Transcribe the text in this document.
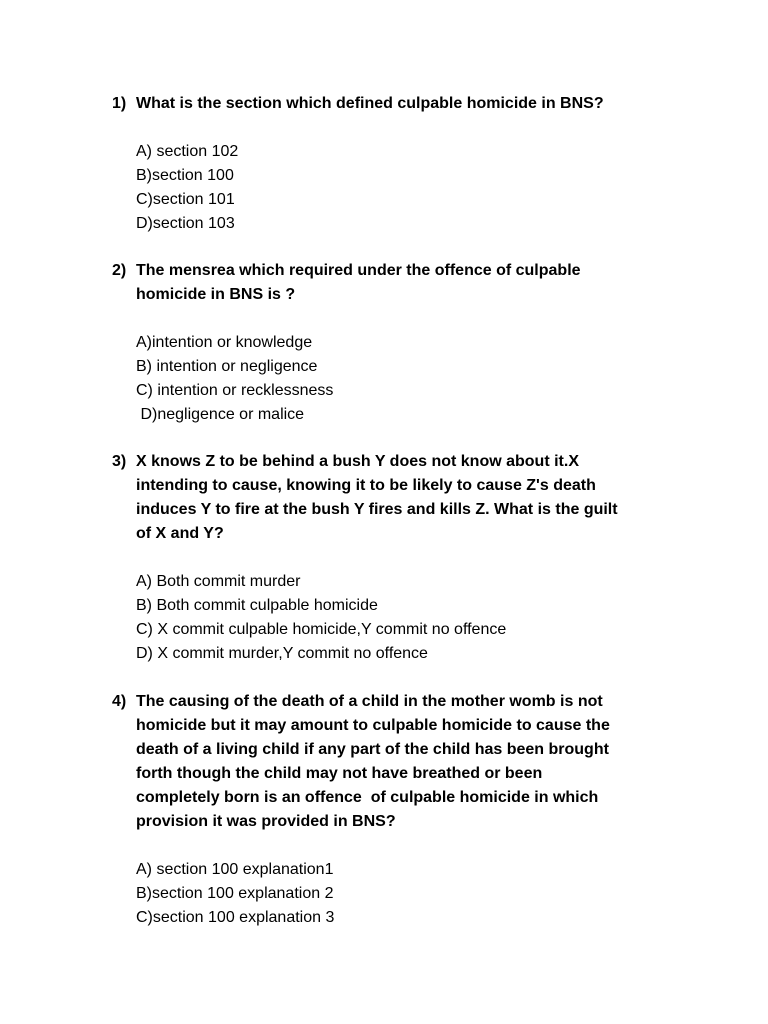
1) What is the section which defined culpable homicide in BNS?
A) section 102
B)section 100
C)section 101
D)section 103
2) The mensrea which required under the offence of culpable
homicide in BNS is ?
A)intention or knowledge
B) intention or negligence
C) intention or recklessness
D)negligence or malice
3) X knows Z to be behind a bush Y does not know about it.X
intending to cause, knowing it to be likely to cause Z's death
induces Y to fire at the bush Y fires and kills Z. What is the guilt
of X and Y?
A) Both commit murder
B) Both commit culpable homicide
C) X commit culpable homicide,Y commit no offence
D) X commit murder,Y commit no offence
4) The causing of the death of a child in the mother womb is not
homicide but it may amount to culpable homicide to cause the
death of a living child if any part of the child has been brought
forth though the child may not have breathed or been
completely born is an offence  of culpable homicide in which
provision it was provided in BNS?
A) section 100 explanation1
B)section 100 explanation 2
C)section 100 explanation 3
